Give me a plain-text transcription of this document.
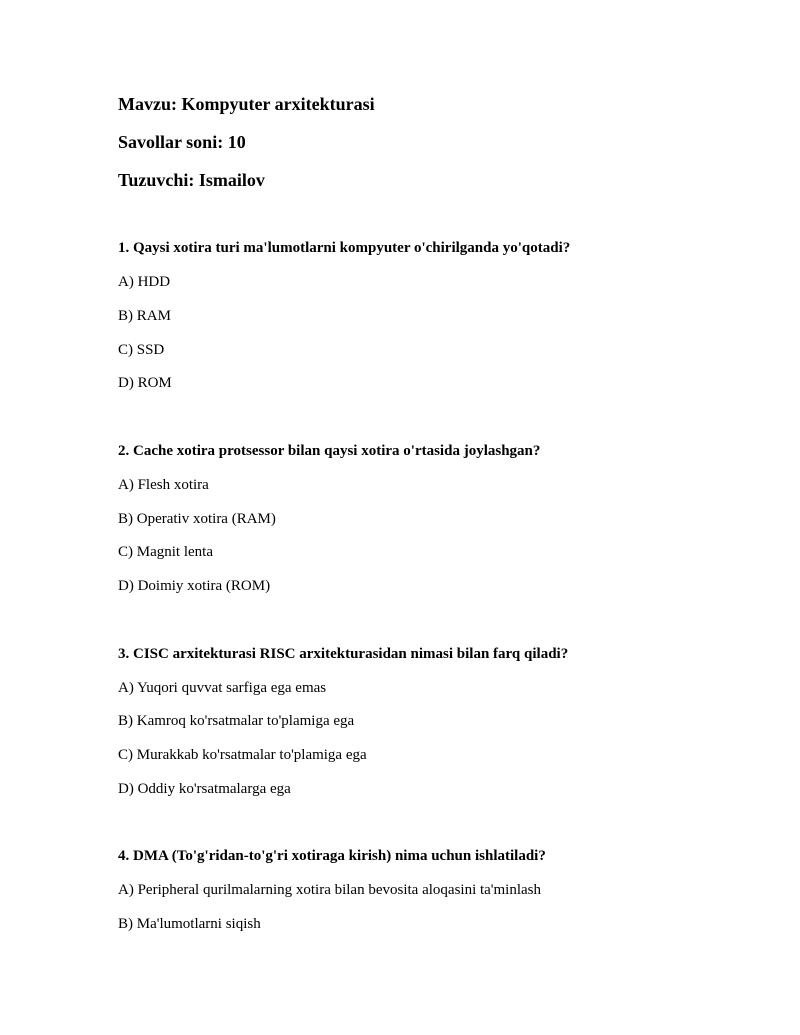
Mavzu: Kompyuter arxitekturasi
Savollar soni: 10
Tuzuvchi: Ismailov
1. Qaysi xotira turi ma'lumotlarni kompyuter o'chirilganda yo'qotadi?
A) HDD
B) RAM
C) SSD
D) ROM
2. Cache xotira protsessor bilan qaysi xotira o'rtasida joylashgan?
A) Flesh xotira
B) Operativ xotira (RAM)
C) Magnit lenta
D) Doimiy xotira (ROM)
3. CISC arxitekturasi RISC arxitekturasidan nimasi bilan farq qiladi?
A) Yuqori quvvat sarfiga ega emas
B) Kamroq ko'rsatmalar to'plamiga ega
C) Murakkab ko'rsatmalar to'plamiga ega
D) Oddiy ko'rsatmalarga ega
4. DMA (To'g'ridan-to'g'ri xotiraga kirish) nima uchun ishlatiladi?
A) Peripheral qurilmalarning xotira bilan bevosita aloqasini ta'minlash
B) Ma'lumotlarni siqish
